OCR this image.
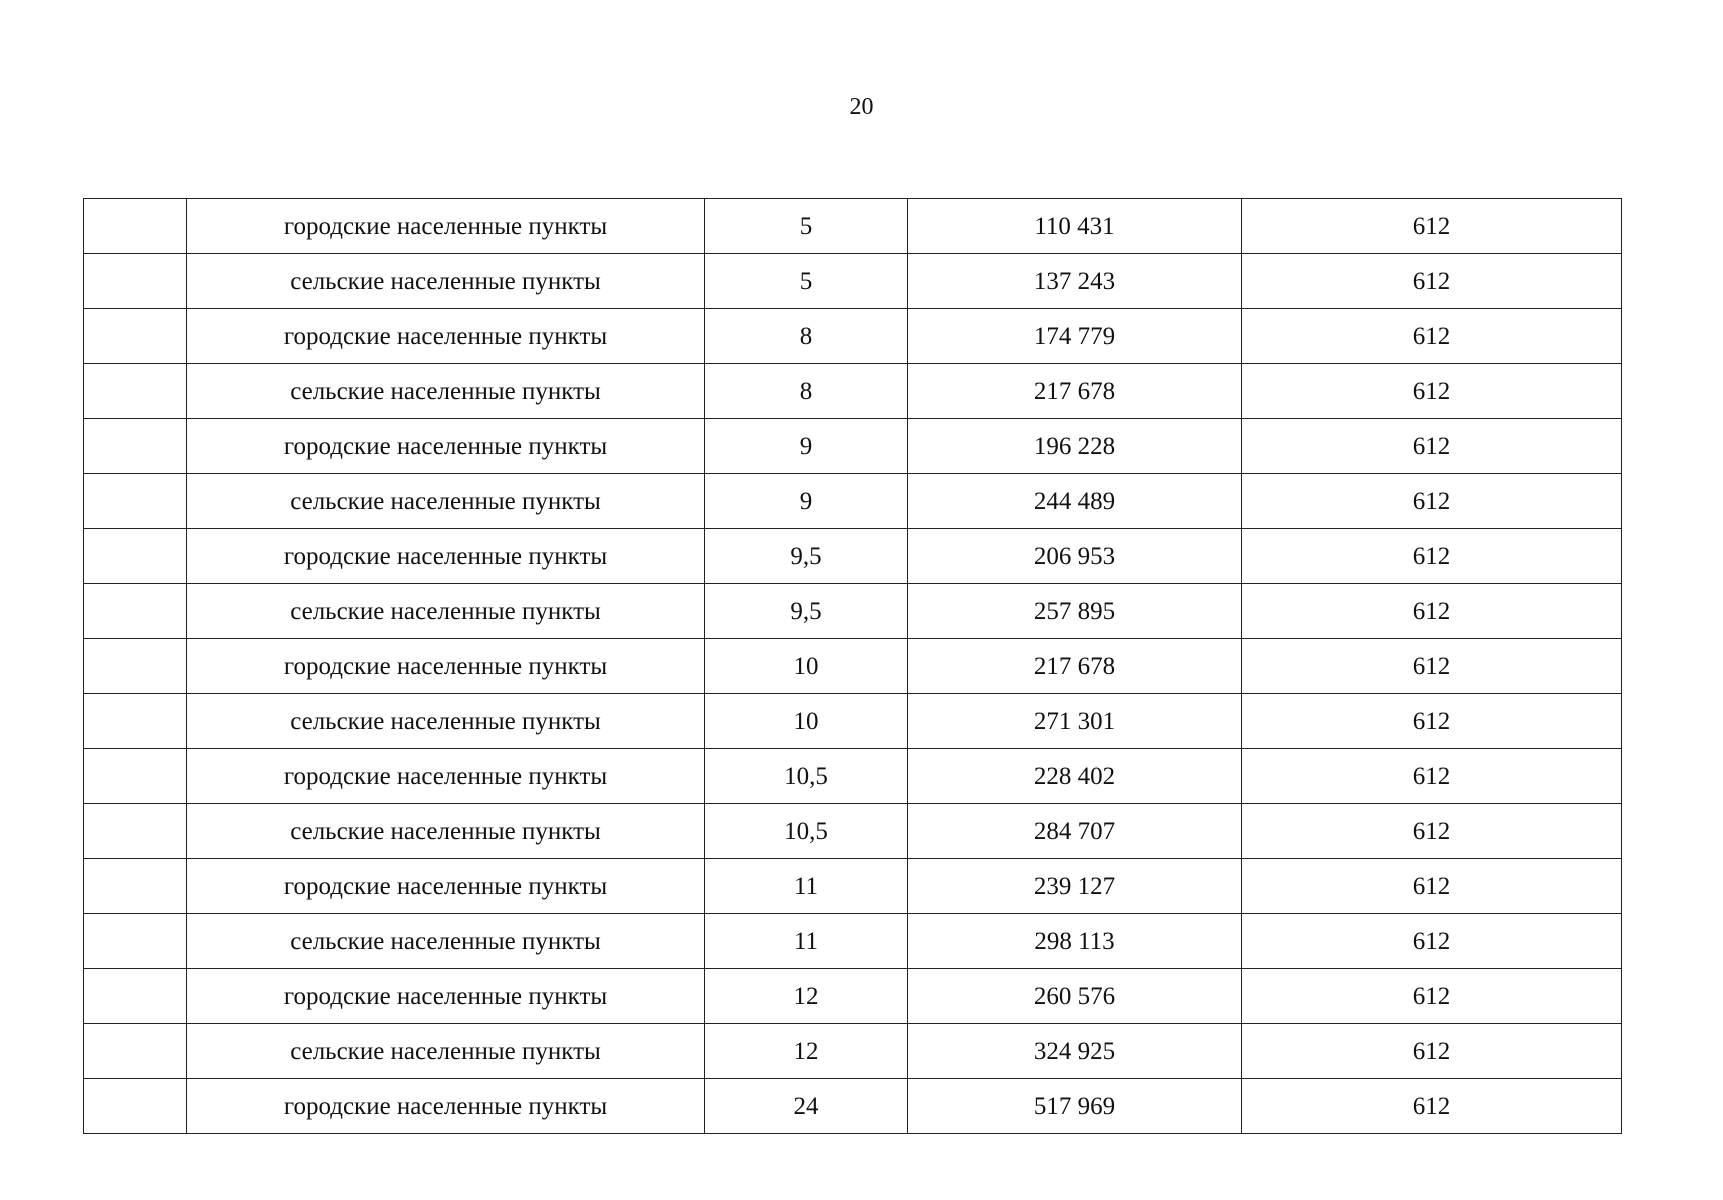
20
	городские населенные пункты	5	110 431	612
	сельские населенные пункты	5	137 243	612
	городские населенные пункты	8	174 779	612
	сельские населенные пункты	8	217 678	612
	городские населенные пункты	9	196 228	612
	сельские населенные пункты	9	244 489	612
	городские населенные пункты	9,5	206 953	612
	сельские населенные пункты	9,5	257 895	612
	городские населенные пункты	10	217 678	612
	сельские населенные пункты	10	271 301	612
	городские населенные пункты	10,5	228 402	612
	сельские населенные пункты	10,5	284 707	612
	городские населенные пункты	11	239 127	612
	сельские населенные пункты	11	298 113	612
	городские населенные пункты	12	260 576	612
	сельские населенные пункты	12	324 925	612
	городские населенные пункты	24	517 969	612
